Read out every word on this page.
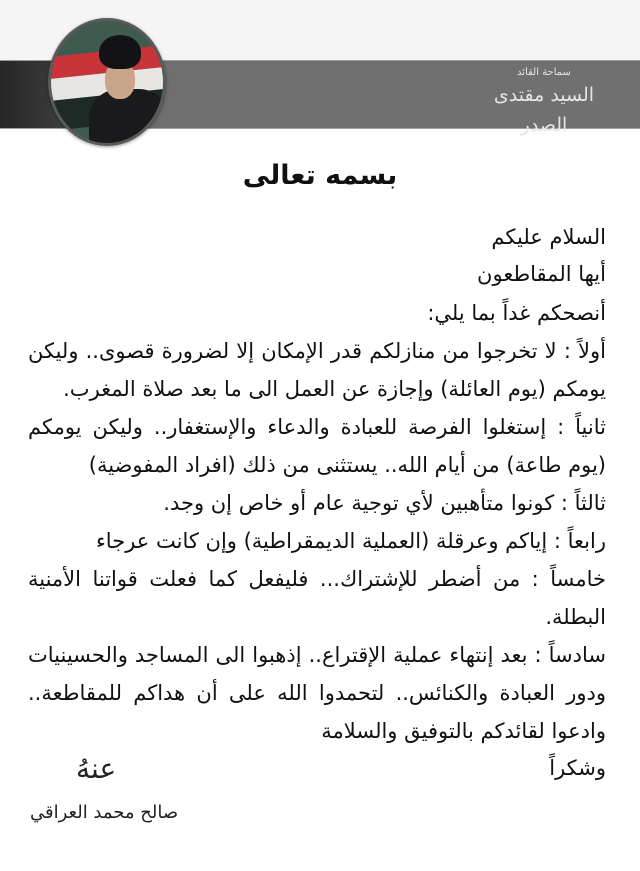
سماحة القائد
السيد مقتدى الصدر
بسمه تعالى
السلام عليكم
أيها المقاطعون
أنصحكم غداً بما يلي:
أولاً : لا تخرجوا من منازلكم قدر الإمكان إلا لضرورة قصوى.. وليكن
يومكم (يوم العائلة) وإجازة عن العمل الى ما بعد صلاة المغرب.
ثانياً : إستغلوا الفرصة للعبادة والدعاء والإستغفار.. وليكن يومكم
(يوم طاعة) من أيام الله.. يستثنى من ذلك (افراد المفوضية)
ثالثاً : كونوا متأهبين لأي توجية عام أو خاص إن وجد.
رابعاً : إياكم وعرقلة (العملية الديمقراطية) وإن كانت عرجاء
خامساً : من أضطر للإشتراك... فليفعل كما فعلت قواتنا الأمنية
البطلة.
سادساً : بعد إنتهاء عملية الإقتراع.. إذهبوا الى المساجد والحسينيات
ودور العبادة والكنائس.. لتحمدوا الله على أن هداكم للمقاطعة..
وادعوا لقائدكم بالتوفيق والسلامة
وشكراً
عنهُ
صالح محمد العراقي
